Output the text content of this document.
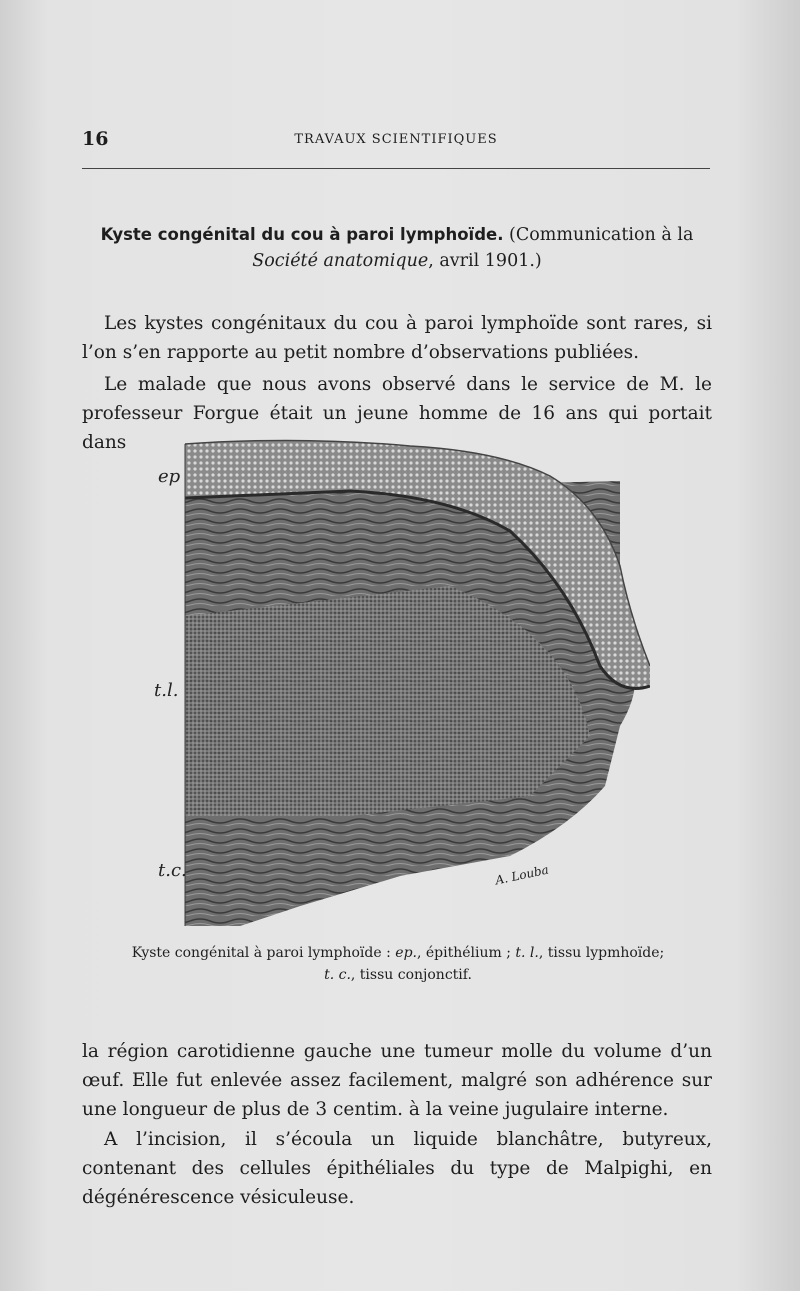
16	TRAVAUX SCIENTIFIQUES
Kyste congénital du cou à paroi lymphoïde. (Communication à la Société anatomique, avril 1901.)

Les kystes congénitaux du cou à paroi lymphoïde sont rares, si l’on s’en rapporte au petit nombre d’observations publiées.

Le malade que nous avons observé dans le service de M. le professeur Forgue était un jeune homme de 16 ans qui portait dans

ep
t.l.
t.c.	A. Louba
Kyste congénital à paroi lymphoïde : ep., épithélium ; t. l., tissu lypmhoïde;
t. c., tissu conjonctif.

la région carotidienne gauche une tumeur molle du volume d’un œuf. Elle fut enlevée assez facilement, malgré son adhérence sur une longueur de plus de 3 centim. à la veine jugulaire interne.

A l’incision, il s’écoula un liquide blanchâtre, butyreux, contenant des cellules épithéliales du type de Malpighi, en dégénérescence vésiculeuse.
